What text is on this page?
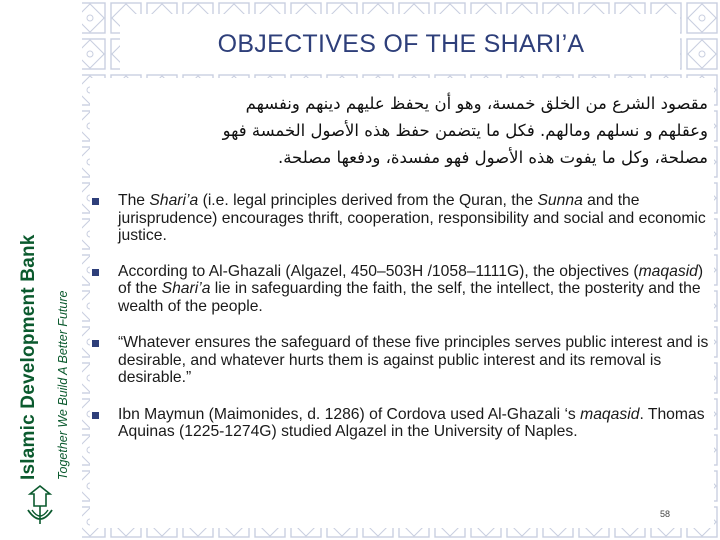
Islamic Development Bank Together We Build A Better Future
OBJECTIVES OF THE SHARI’A
مقصود الشرع من الخلق خمسة، وهو أن يحفظ عليهم دينهم ونفسهم
وعقلهم و نسلهم ومالهم. فكل ما يتضمن حفظ هذه الأصول الخمسة فهو
مصلحة، وكل ما يفوت هذه الأصول فهو مفسدة، ودفعها مصلحة.
The Shari’a (i.e. legal principles derived from the Quran, the Sunna and the jurisprudence) encourages thrift, cooperation, responsibility and social and economic justice.
According to Al-Ghazali (Algazel, 450–503H /1058–1111G), the objectives (maqasid) of the Shari’a lie in safeguarding the faith, the self, the intellect, the posterity and the wealth of the people.
“Whatever ensures the safeguard of these five principles serves public interest and is desirable, and whatever hurts them is against public interest and its removal is desirable.”
Ibn Maymun (Maimonides, d. 1286) of Cordova used Al-Ghazali ‘s maqasid. Thomas Aquinas (1225-1274G) studied Algazel in the University of Naples.
58
